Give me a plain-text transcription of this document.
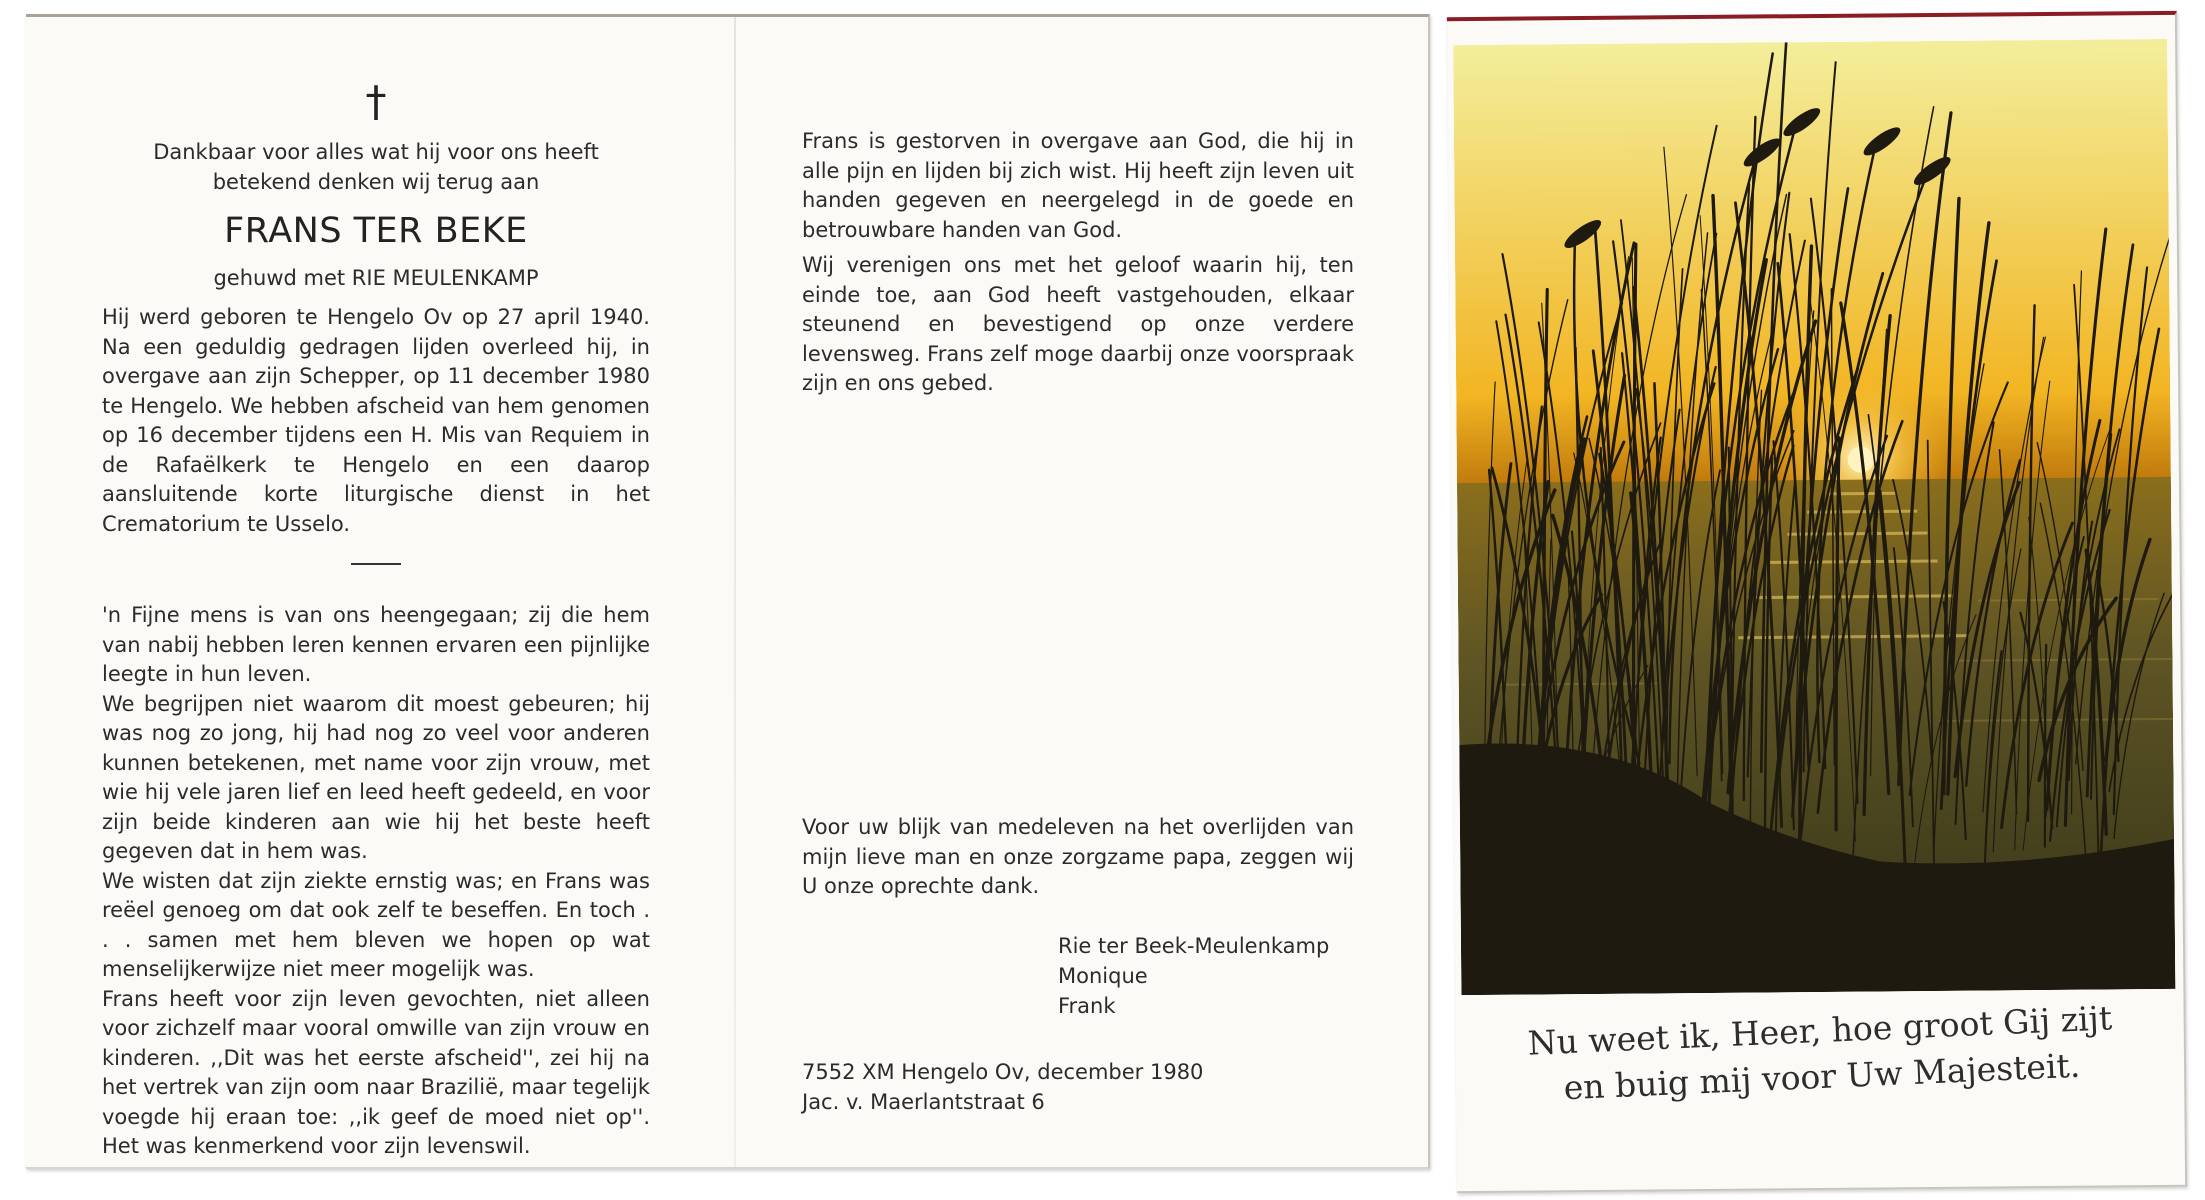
†

Dankbaar voor alles wat hij voor ons heeft

betekend denken wij terug aan

FRANS TER BEKE

gehuwd met RIE MEULENKAMP

Hij werd geboren te Hengelo Ov op 27 april 1940. Na een geduldig gedragen lijden overleed hij, in overgave aan zijn Schepper, op 11 december 1980 te Hengelo. We hebben afscheid van hem genomen op 16 december tijdens een H. Mis van Requiem in de Rafaëlkerk te Hengelo en een daarop aansluitende korte liturgische dienst in het Crematorium te Usselo.

'n Fijne mens is van ons heengegaan; zij die hem van nabij hebben leren kennen ervaren een pijnlijke leegte in hun leven.

We begrijpen niet waarom dit moest gebeuren; hij was nog zo jong, hij had nog zo veel voor anderen kunnen betekenen, met name voor zijn vrouw, met wie hij vele jaren lief en leed heeft gedeeld, en voor zijn beide kinderen aan wie hij het beste heeft gegeven dat in hem was.

We wisten dat zijn ziekte ernstig was; en Frans was reëel genoeg om dat ook zelf te beseffen. En toch . . . samen met hem bleven we hopen op wat menselijkerwijze niet meer mogelijk was.

Frans heeft voor zijn leven gevochten, niet alleen voor zichzelf maar vooral omwille van zijn vrouw en kinderen. ,,Dit was het eerste afscheid'', zei hij na het vertrek van zijn oom naar Brazilië, maar tegelijk voegde hij eraan toe: ,,ik geef de moed niet op''. Het was kenmerkend voor zijn levenswil.

Frans is gestorven in overgave aan God, die hij in alle pijn en lijden bij zich wist. Hij heeft zijn leven uit handen gegeven en neergelegd in de goede en betrouwbare handen van God.

Wij verenigen ons met het geloof waarin hij, ten einde toe, aan God heeft vastgehouden, elkaar steunend en bevestigend op onze verdere levensweg. Frans zelf moge daarbij onze voorspraak zijn en ons gebed.

Voor uw blijk van medeleven na het overlijden van mijn lieve man en onze zorgzame papa, zeggen wij U onze oprechte dank.

Rie ter Beek-Meulenkamp
Monique
Frank
7552 XM Hengelo Ov, december 1980
Jac. v. Maerlantstraat 6
Nu weet ik, Heer, hoe groot Gij zijt
en buig mij voor Uw Majesteit.
